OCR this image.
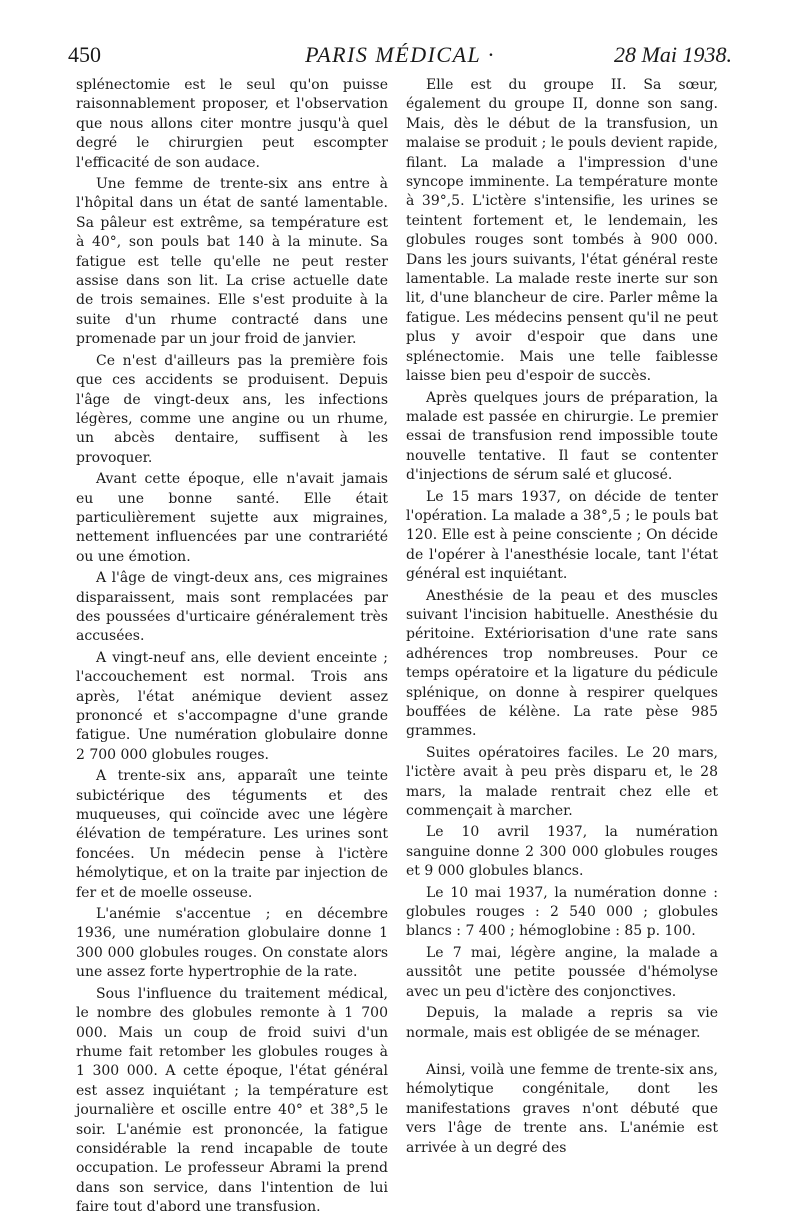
450	PARIS MÉDICAL ·	28 Mai 1938.

splénectomie est le seul qu'on puisse raisonnablement proposer, et l'observation que nous allons citer montre jusqu'à quel degré le chirurgien peut escompter l'efficacité de son audace.

Une femme de trente-six ans entre à l'hôpital dans un état de santé lamentable. Sa pâleur est extrême, sa température est à 40°, son pouls bat 140 à la minute. Sa fatigue est telle qu'elle ne peut rester assise dans son lit. La crise actuelle date de trois semaines. Elle s'est produite à la suite d'un rhume contracté dans une promenade par un jour froid de janvier.

Ce n'est d'ailleurs pas la première fois que ces accidents se produisent. Depuis l'âge de vingt-deux ans, les infections légères, comme une angine ou un rhume, un abcès dentaire, suffisent à les provoquer.

Avant cette époque, elle n'avait jamais eu une bonne santé. Elle était particulièrement sujette aux migraines, nettement influencées par une contrariété ou une émotion.

A l'âge de vingt-deux ans, ces migraines disparaissent, mais sont remplacées par des poussées d'urticaire généralement très accusées.

A vingt-neuf ans, elle devient enceinte ; l'accouchement est normal. Trois ans après, l'état anémique devient assez prononcé et s'accompagne d'une grande fatigue. Une numération globulaire donne 2 700 000 globules rouges.

A trente-six ans, apparaît une teinte subictérique des téguments et des muqueuses, qui coïncide avec une légère élévation de température. Les urines sont foncées. Un médecin pense à l'ictère hémolytique, et on la traite par injection de fer et de moelle osseuse.

L'anémie s'accentue ; en décembre 1936, une numération globulaire donne 1 300 000 globules rouges. On constate alors une assez forte hypertrophie de la rate.

Sous l'influence du traitement médical, le nombre des globules remonte à 1 700 000. Mais un coup de froid suivi d'un rhume fait retomber les globules rouges à 1 300 000. A cette époque, l'état général est assez inquiétant ; la température est journalière et oscille entre 40° et 38°,5 le soir. L'anémie est prononcée, la fatigue considérable la rend incapable de toute occupation. Le professeur Abrami la prend dans son service, dans l'intention de lui faire tout d'abord une transfusion.

Elle est du groupe II. Sa sœur, également du groupe II, donne son sang. Mais, dès le début de la transfusion, un malaise se produit ; le pouls devient rapide, filant. La malade a l'impression d'une syncope imminente. La température monte à 39°,5. L'ictère s'intensifie, les urines se teintent fortement et, le lendemain, les globules rouges sont tombés à 900 000. Dans les jours suivants, l'état général reste lamentable. La malade reste inerte sur son lit, d'une blancheur de cire. Parler même la fatigue. Les médecins pensent qu'il ne peut plus y avoir d'espoir que dans une splénectomie. Mais une telle faiblesse laisse bien peu d'espoir de succès.

Après quelques jours de préparation, la malade est passée en chirurgie. Le premier essai de transfusion rend impossible toute nouvelle tentative. Il faut se contenter d'injections de sérum salé et glucosé.

Le 15 mars 1937, on décide de tenter l'opération. La malade a 38°,5 ; le pouls bat 120. Elle est à peine consciente ; On décide de l'opérer à l'anesthésie locale, tant l'état général est inquiétant.

Anesthésie de la peau et des muscles suivant l'incision habituelle. Anesthésie du péritoine. Extériorisation d'une rate sans adhérences trop nombreuses. Pour ce temps opératoire et la ligature du pédicule splénique, on donne à respirer quelques bouffées de kélène. La rate pèse 985 grammes.

Suites opératoires faciles. Le 20 mars, l'ictère avait à peu près disparu et, le 28 mars, la malade rentrait chez elle et commençait à marcher.

Le 10 avril 1937, la numération sanguine donne 2 300 000 globules rouges et 9 000 globules blancs.

Le 10 mai 1937, la numération donne : globules rouges : 2 540 000 ; globules blancs : 7 400 ; hémoglobine : 85 p. 100.

Le 7 mai, légère angine, la malade a aussitôt une petite poussée d'hémolyse avec un peu d'ictère des conjonctives.

Depuis, la malade a repris sa vie normale, mais est obligée de se ménager.

Ainsi, voilà une femme de trente-six ans, hémolytique congénitale, dont les manifestations graves n'ont débuté que vers l'âge de trente ans. L'anémie est arrivée à un degré des
